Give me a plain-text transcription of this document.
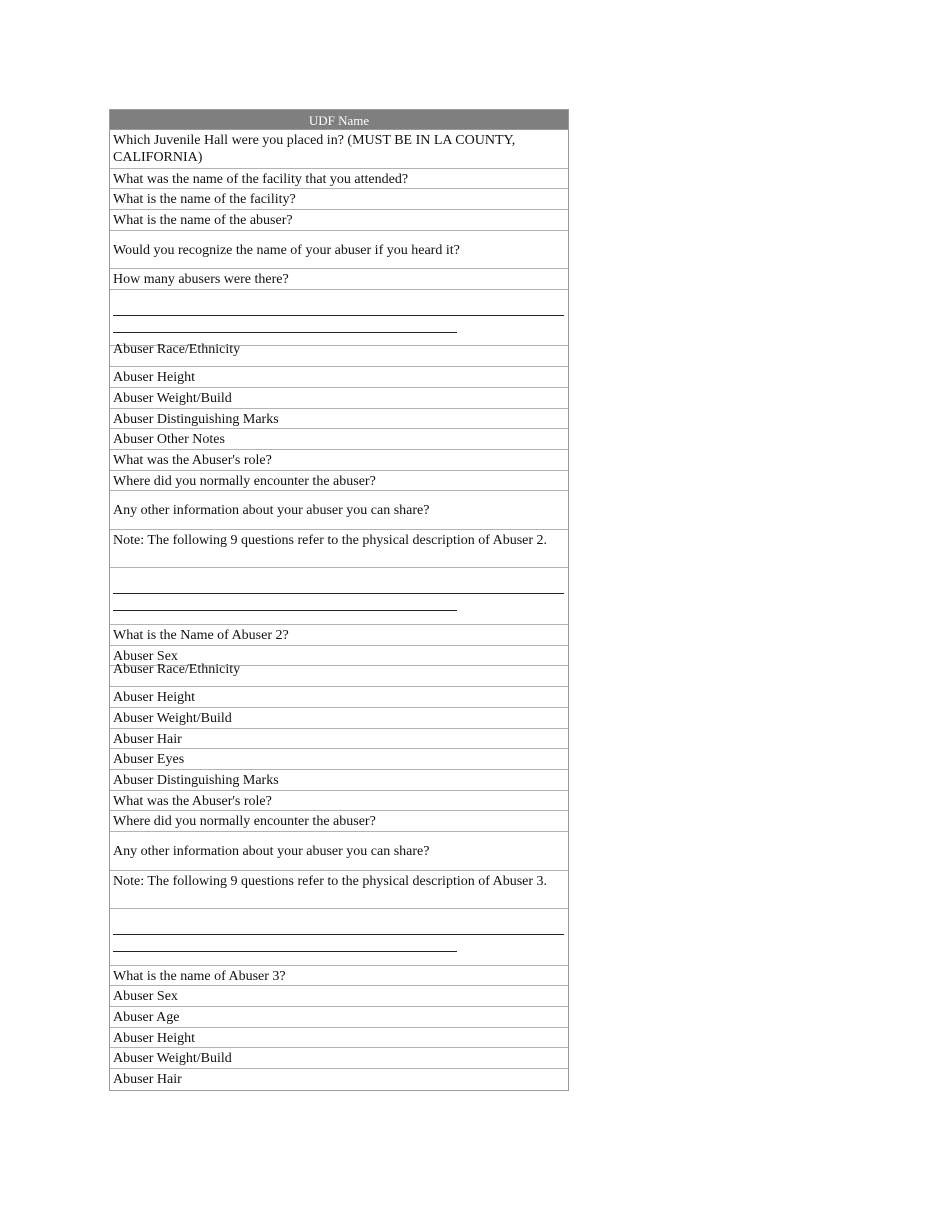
UDF Name
Which Juvenile Hall were you placed in? (MUST BE IN LA COUNTY, CALIFORNIA)
What was the name of the facility that you attended?
What is the name of the facility?
What is the name of the abuser?
Would you recognize the name of your abuser if you heard it?
How many abusers were there?
Abuser Race/Ethnicity
Abuser Height
Abuser Weight/Build
Abuser Distinguishing Marks
Abuser Other Notes
What was the Abuser's role?
Where did you normally encounter the abuser?
Any other information about your abuser you can share?
Note: The following 9 questions refer to the physical description of Abuser 2.
What is the Name of Abuser 2?
Abuser Sex
Abuser Race/Ethnicity
Abuser Height
Abuser Weight/Build
Abuser Hair
Abuser Eyes
Abuser Distinguishing Marks
What was the Abuser's role?
Where did you normally encounter the abuser?
Any other information about your abuser you can share?
Note: The following 9 questions refer to the physical description of Abuser 3.
What is the name of Abuser 3?
Abuser Sex
Abuser Age
Abuser Height
Abuser Weight/Build
Abuser Hair
